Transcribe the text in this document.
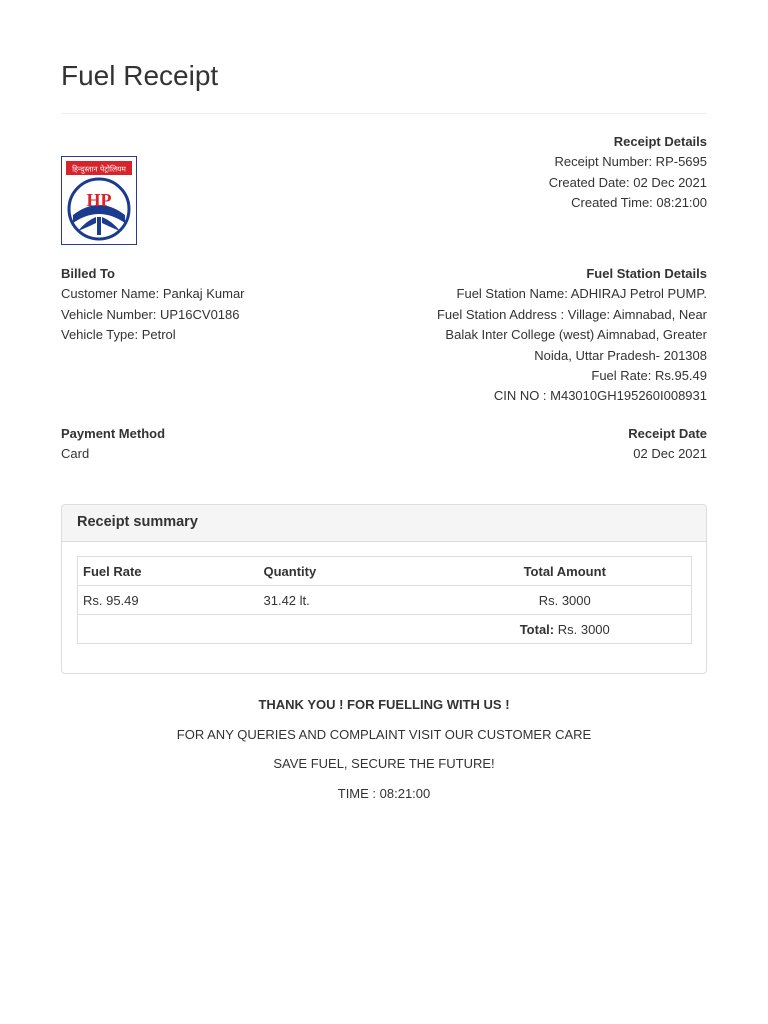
Fuel Receipt

Receipt Details

Receipt Number: RP-5695

Created Date: 02 Dec 2021

Created Time: 08:21:00

हिन्दुस्तान पेट्रोलियम
HP

Billed To

Customer Name: Pankaj Kumar

Vehicle Number: UP16CV0186

Vehicle Type: Petrol

Fuel Station Details

Fuel Station Name: ADHIRAJ Petrol PUMP.

Fuel Station Address : Village: Aimnabad, Near

Balak Inter College (west) Aimnabad, Greater

Noida, Uttar Pradesh- 201308

Fuel Rate: Rs.95.49

CIN NO : M43010GH195260I008931

Payment Method

Card

Receipt Date

02 Dec 2021

Receipt summary
Fuel Rate	Quantity	Total Amount
Rs. 95.49	31.42 lt.	Rs. 3000
		Total: Rs. 3000

THANK YOU ! FOR FUELLING WITH US !

FOR ANY QUERIES AND COMPLAINT VISIT OUR CUSTOMER CARE

SAVE FUEL, SECURE THE FUTURE!

TIME : 08:21:00
